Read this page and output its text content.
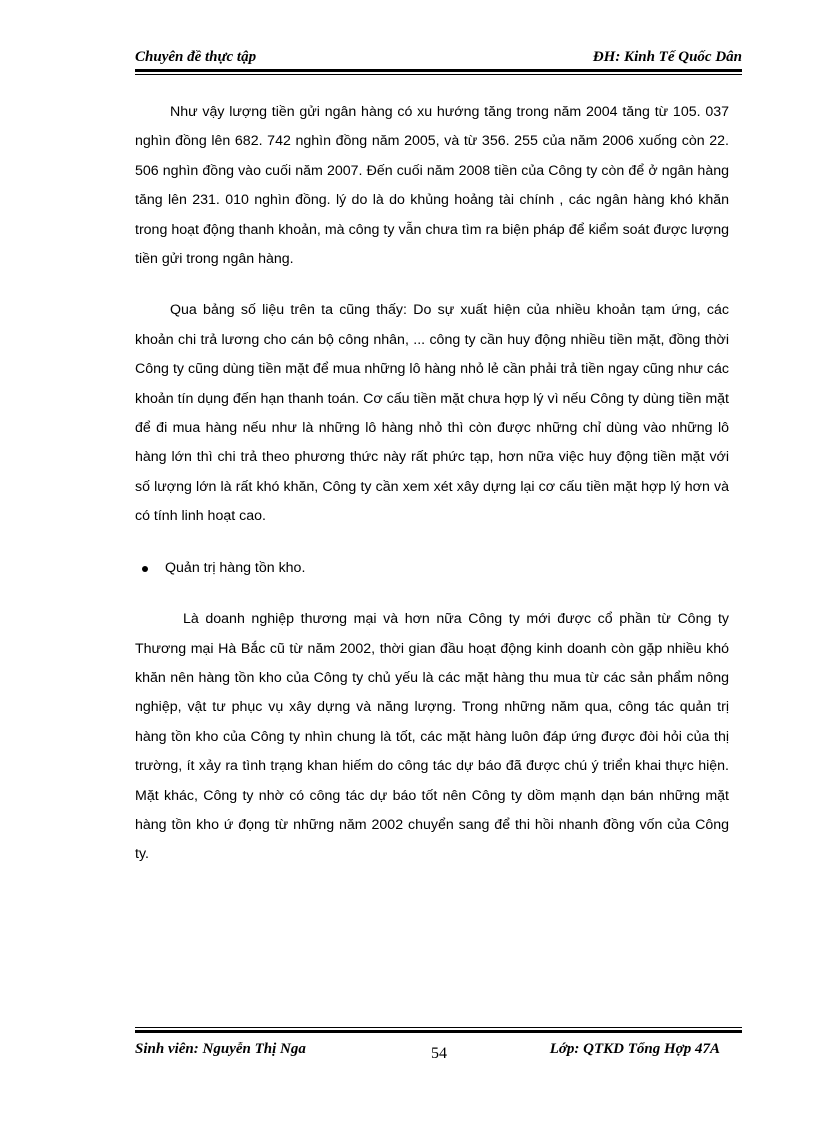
Chuyên đề thực tập	ĐH: Kinh Tế Quốc Dân

Như vậy lượng tiền gửi ngân hàng có xu hướng tăng trong năm 2004 tăng từ 105. 037 nghìn đồng lên 682. 742 nghìn đồng năm 2005, và từ 356. 255 của năm 2006 xuống còn 22. 506 nghìn đồng vào cuối năm 2007. Đến cuối năm 2008 tiền của Công ty còn để ở ngân hàng tăng lên 231. 010 nghìn đồng. lý do là do khủng hoảng tài chính , các ngân hàng khó khăn trong hoạt động thanh khoản, mà công ty vẫn chưa tìm ra biện pháp để kiểm soát được lượng tiền gửi trong ngân hàng.

Qua bảng số liệu trên ta cũng thấy: Do sự xuất hiện của nhiều khoản tạm ứng, các khoản chi trả lương cho cán bộ công nhân, ... công ty cần huy động nhiều tiền mặt, đồng thời Công ty cũng dùng tiền mặt để mua những lô hàng nhỏ lẻ cần phải trả tiền ngay cũng như các khoản tín dụng đến hạn thanh toán. Cơ cấu tiền mặt chưa hợp lý vì nếu Công ty dùng tiền mặt để đi mua hàng nếu như là những lô hàng nhỏ thì còn được những chỉ dùng vào những lô hàng lớn thì chi trả theo phương thức này rất phức tạp, hơn nữa việc huy động tiền mặt với số lượng lớn là rất khó khăn, Công ty cần xem xét xây dựng lại cơ cấu tiền mặt hợp lý hơn và có tính linh hoạt cao.

Quản trị hàng tồn kho.

Là doanh nghiệp thương mại và hơn nữa Công ty mới được cổ phần từ Công ty Thương mại Hà Bắc cũ từ năm 2002, thời gian đầu hoạt động kinh doanh còn gặp nhiều khó khăn nên hàng tồn kho của Công ty chủ yếu là các mặt hàng thu mua từ các sản phẩm nông nghiệp, vật tư phục vụ xây dựng và năng lượng. Trong những năm qua, công tác quản trị hàng tồn kho của Công ty nhìn chung là tốt, các mặt hàng luôn đáp ứng được đòi hỏi của thị trường, ít xảy ra tình trạng khan hiếm do công tác dự báo đã được chú ý triển khai thực hiện. Mặt khác, Công ty nhờ có công tác dự báo tốt nên Công ty dồm mạnh dạn bán những mặt hàng tồn kho ứ đọng từ những năm 2002 chuyển sang để thi hồi nhanh đồng vốn của Công ty.

Sinh viên: Nguyễn Thị Nga	54	Lớp: QTKD Tổng Hợp 47A
